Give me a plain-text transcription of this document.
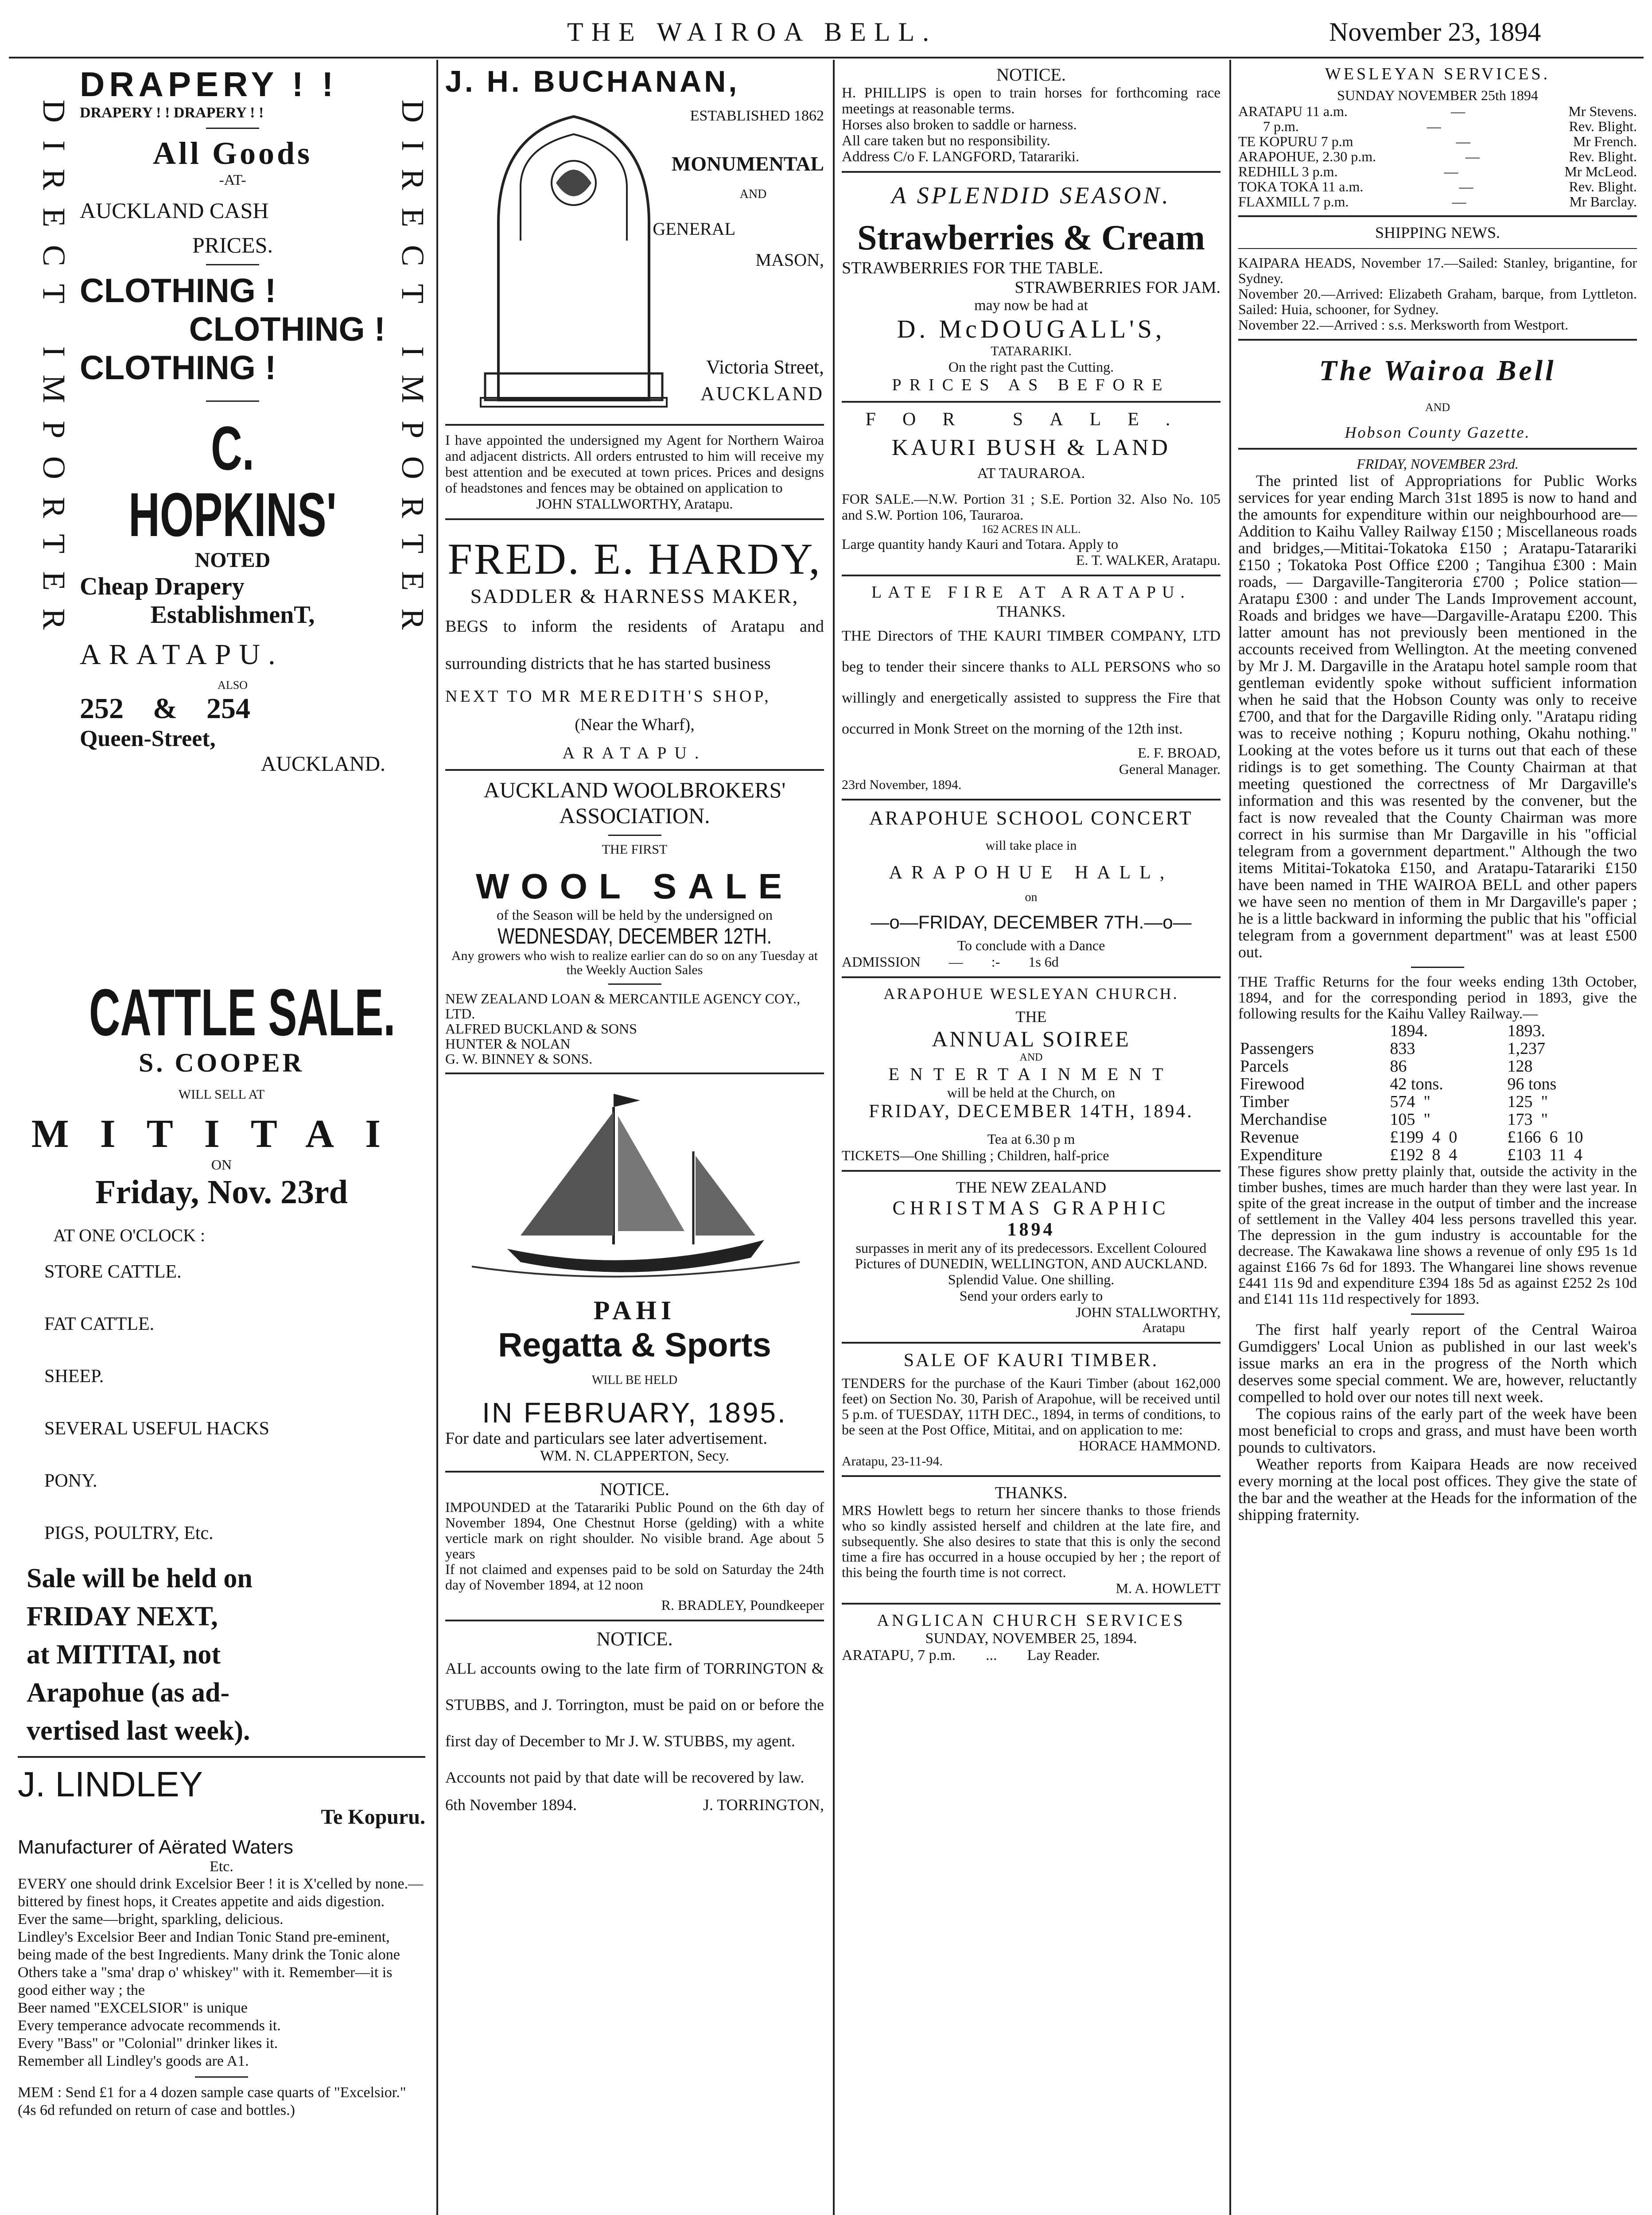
THE WAIROA BELL.	November 23, 1894
DIRECT IMPORTER	DIRECT IMPORTER
DRAPERY ! !
DRAPERY ! ! DRAPERY ! !
All Goods
-AT-
AUCKLAND CASH
PRICES.
CLOTHING !
CLOTHING !
CLOTHING !
C. HOPKINS'
NOTED
Cheap Drapery
EstablishmenT,
ARATAPU.
ALSO
252    &    254
Queen-Street,
AUCKLAND.
CATTLE SALE.
S. COOPER
WILL SELL AT
MITITAI
ON
Friday, Nov. 23rd
AT ONE O'CLOCK :
STORE CATTLE.
FAT CATTLE.
SHEEP.
SEVERAL USEFUL HACKS
PONY.
PIGS, POULTRY, Etc.
Sale will be held on
FRIDAY NEXT,
at MITITAI, not
Arapohue (as ad-
vertised last week).
J. LINDLEY
Te Kopuru.
Manufacturer of Aërated Waters
Etc.

EVERY one should drink Excelsior Beer ! it is X'celled by none.—bittered by finest hops, it Creates appetite and aids digestion.

Ever the same—bright, sparkling, delicious.

Lindley's Excelsior Beer and Indian Tonic Stand pre-eminent, being made of the best Ingredients. Many drink the Tonic alone Others take a "sma' drap o' whiskey" with it. Remember—it is good either way ; the

Beer named "EXCELSIOR" is unique

Every temperance advocate recommends it.

Every "Bass" or "Colonial" drinker likes it.

Remember all Lindley's goods are A1.

MEM : Send £1 for a 4 dozen sample case quarts of "Excelsior." (4s 6d refunded on return of case and bottles.)
J. H. BUCHANAN,
ESTABLISHED 1862
MONUMENTAL
AND
GENERAL
MASON,
Victoria Street,
AUCKLAND
I have appointed the undersigned my Agent for Northern Wairoa and adjacent districts. All orders entrusted to him will receive my best attention and be executed at town prices. Prices and designs of headstones and fences may be obtained on application to
JOHN STALLWORTHY, Aratapu.
FRED. E. HARDY,
SADDLER & HARNESS MAKER,
BEGS to inform the residents of Aratapu and surrounding districts that he has started business
NEXT TO MR MEREDITH'S SHOP,
(Near the Wharf),
ARATAPU.
AUCKLAND WOOLBROKERS' ASSOCIATION.
THE FIRST
WOOL SALE
of the Season will be held by the undersigned on
WEDNESDAY, DECEMBER 12TH.
Any growers who wish to realize earlier can do so on any Tuesday at the Weekly Auction Sales
NEW ZEALAND LOAN & MERCANTILE AGENCY COY., LTD.
ALFRED BUCKLAND & SONS
HUNTER & NOLAN
G. W. BINNEY & SONS.
PAHI
Regatta & Sports
WILL BE HELD
IN FEBRUARY, 1895.
For date and particulars see later advertisement.
WM. N. CLAPPERTON, Secy.
NOTICE.
IMPOUNDED at the Tatarariki Public Pound on the 6th day of November 1894, One Chestnut Horse (gelding) with a white verticle mark on right shoulder. No visible brand. Age about 5 years
If not claimed and expenses paid to be sold on Saturday the 24th day of November 1894, at 12 noon
R. BRADLEY, Poundkeeper
NOTICE.
ALL accounts owing to the late firm of TORRINGTON & STUBBS, and J. Torrington, must be paid on or before the first day of December to Mr J. W. STUBBS, my agent.
Accounts not paid by that date will be recovered by law.
6th November 1894.	J. TORRINGTON,
NOTICE.
H. PHILLIPS is open to train horses for forthcoming race meetings at reasonable terms.
Horses also broken to saddle or harness.
All care taken but no responsibility.
Address C/o F. LANGFORD, Tatarariki.
A SPLENDID SEASON.
Strawberries & Cream
STRAWBERRIES FOR THE TABLE.
STRAWBERRIES FOR JAM.
may now be had at
D. McDOUGALL'S,
TATARARIKI.
On the right past the Cutting.
PRICES AS BEFORE
FOR SALE.
KAURI BUSH & LAND
AT TAURAROA.
FOR SALE.—N.W. Portion 31 ; S.E. Portion 32. Also No. 105 and S.W. Portion 106, Tauraroa.
162 ACRES IN ALL.
Large quantity handy Kauri and Totara. Apply to
E. T. WALKER, Aratapu.
LATE FIRE AT ARATAPU.
THANKS.
THE Directors of THE KAURI TIMBER COMPANY, LTD beg to tender their sincere thanks to ALL PERSONS who so willingly and energetically assisted to suppress the Fire that occurred in Monk Street on the morning of the 12th inst.
E. F. BROAD,
General Manager.
23rd November, 1894.
ARAPOHUE SCHOOL CONCERT
will take place in
ARAPOHUE HALL,
on
—o—FRIDAY, DECEMBER 7TH.—o—
To conclude with a Dance
ADMISSION        —        :-        1s 6d
ARAPOHUE WESLEYAN CHURCH.
THE
ANNUAL SOIREE
AND
ENTERTAINMENT
will be held at the Church, on
FRIDAY, DECEMBER 14TH, 1894.
Tea at 6.30 p m
TICKETS—One Shilling ; Children, half-price
THE NEW ZEALAND
CHRISTMAS GRAPHIC
1894
surpasses in merit any of its predecessors. Excellent Coloured Pictures of DUNEDIN, WELLINGTON, AND AUCKLAND.
Splendid Value. One shilling.
Send your orders early to
JOHN STALLWORTHY,
Aratapu
SALE OF KAURI TIMBER.
TENDERS for the purchase of the Kauri Timber (about 162,000 feet) on Section No. 30, Parish of Arapohue, will be received until 5 p.m. of TUESDAY, 11TH DEC., 1894, in terms of conditions, to be seen at the Post Office, Mititai, and on application to me:
HORACE HAMMOND.
Aratapu, 23-11-94.
THANKS.
MRS Howlett begs to return her sincere thanks to those friends who so kindly assisted herself and children at the late fire, and subsequently. She also desires to state that this is only the second time a fire has occurred in a house occupied by her ; the report of this being the fourth time is not correct.
M. A. HOWLETT
ANGLICAN CHURCH SERVICES
SUNDAY, NOVEMBER 25, 1894.
ARATAPU, 7 p.m.        ...        Lay Reader.
WESLEYAN SERVICES.
SUNDAY NOVEMBER 25th 1894
ARATAPU 11 a.m.	—	Mr Stevens.
7 p.m.	—	Rev. Blight.
TE KOPURU 7 p.m	—	Mr French.
ARAPOHUE, 2.30 p.m.	—	Rev. Blight.
REDHILL 3 p.m.	—	Mr McLeod.
TOKA TOKA 11 a.m.	—	Rev. Blight.
FLAXMILL 7 p.m.	—	Mr Barclay.
SHIPPING NEWS.
KAIPARA HEADS, November 17.—Sailed: Stanley, brigantine, for Sydney.
November 20.—Arrived: Elizabeth Graham, barque, from Lyttleton. Sailed: Huia, schooner, for Sydney.
November 22.—Arrived : s.s. Merksworth from Westport.
The Wairoa Bell
AND
Hobson County Gazette.
FRIDAY, NOVEMBER 23rd.
The printed list of Appropriations for Public Works services for year ending March 31st 1895 is now to hand and the amounts for expenditure within our neighbourhood are—Addition to Kaihu Valley Railway £150 ; Miscellaneous roads and bridges,—Mititai-Tokatoka £150 ; Aratapu-Tatarariki £150 ; Tokatoka Post Office £200 ; Tangihua £300 : Main roads, — Dargaville-Tangiteroria £700 ; Police station— Aratapu £300 : and under The Lands Improvement account, Roads and bridges we have—Dargaville-Aratapu £200. This latter amount has not previously been mentioned in the accounts received from Wellington. At the meeting convened by Mr J. M. Dargaville in the Aratapu hotel sample room that gentleman evidently spoke without sufficient information when he said that the Hobson County was only to receive £700, and that for the Dargaville Riding only. "Aratapu riding was to receive nothing ; Kopuru nothing, Okahu nothing." Looking at the votes before us it turns out that each of these ridings is to get something. The County Chairman at that meeting questioned the correctness of Mr Dargaville's information and this was resented by the convener, but the fact is now revealed that the County Chairman was more correct in his surmise than Mr Dargaville in his "official telegram from a government department." Although the two items Mititai-Tokatoka £150, and Aratapu-Tatarariki £150 have been named in THE WAIROA BELL and other papers we have seen no mention of them in Mr Dargaville's paper ; he is a little backward in informing the public that his "official telegram from a government department" was at least £500 out.
THE Traffic Returns for the four weeks ending 13th October, 1894, and for the corresponding period in 1893, give the following results for the Kaihu Valley Railway.—
	1894.	1893.
Passengers	833	1,237
Parcels	86	128
Firewood	42 tons.	96 tons
Timber	574  "	125  "
Merchandise	105  "	173  "
Revenue	£199  4  0	£166  6  10
Expenditure	£192  8  4	£103  11  4
These figures show pretty plainly that, outside the activity in the timber bushes, times are much harder than they were last year. In spite of the great increase in the output of timber and the increase of settlement in the Valley 404 less persons travelled this year. The depression in the gum industry is accountable for the decrease. The Kawakawa line shows a revenue of only £95 1s 1d against £166 7s 6d for 1893. The Whangarei line shows revenue £441 11s 9d and expenditure £394 18s 5d as against £252 2s 10d and £141 11s 11d respectively for 1893.
The first half yearly report of the Central Wairoa Gumdiggers' Local Union as published in our last week's issue marks an era in the progress of the North which deserves some special comment. We are, however, reluctantly compelled to hold over our notes till next week.
The copious rains of the early part of the week have been most beneficial to crops and grass, and must have been worth pounds to cultivators.
Weather reports from Kaipara Heads are now received every morning at the local post offices. They give the state of the bar and the weather at the Heads for the information of the shipping fraternity.
